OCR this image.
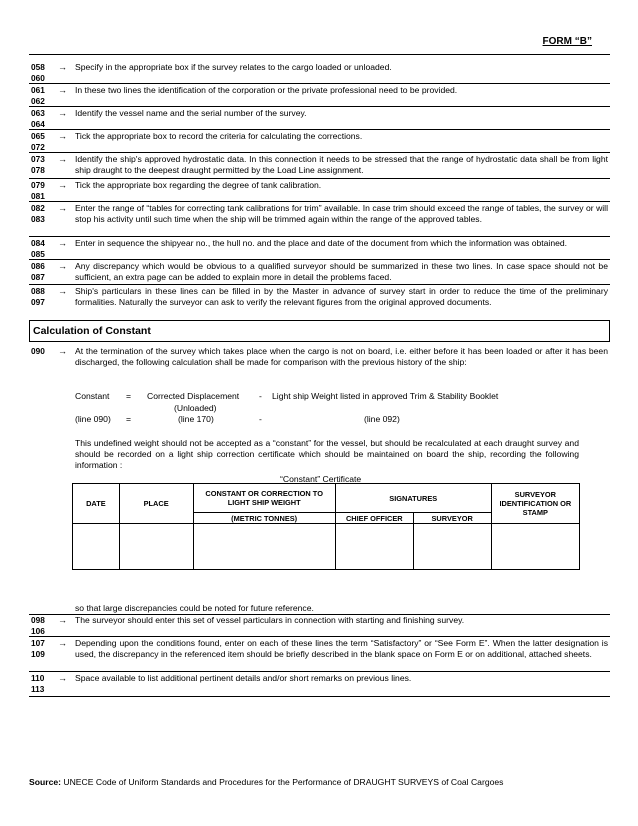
FORM “B”
058
060
→ Specify in the appropriate box if the survey relates to the cargo loaded or unloaded.
061
062
→ In these two lines the identification of the corporation or the private professional need to be provided.
063
064
→ Identify the vessel name and the serial number of the survey.
065
072
→ Tick the appropriate box to record the criteria for calculating the corrections.
073
078
→ Identify the ship's approved hydrostatic data. In this connection it needs to be stressed that the range of hydrostatic data shall be from light ship draught to the deepest draught permitted by the Load Line assignment.
079
081
→ Tick the appropriate box regarding the degree of tank calibration.
082
083
→ Enter the range of “tables for correcting tank calibrations for trim” available. In case trim should exceed the range of tables, the survey or will stop his activity until such time when the ship will be trimmed again within the range of the approved tables.
084
085
→ Enter in sequence the shipyear no., the hull no. and the place and date of the document from which the information was obtained.
086
087
→ Any discrepancy which would be obvious to a qualified surveyor should be summarized in these two lines. In case space should not be sufficient, an extra page can be added to explain more in detail the problems faced.
088
097
→ Ship's particulars in these lines can be filled in by the Master in advance of survey start in order to reduce the time of the preliminary formalities. Naturally the surveyor can ask to verify the relevant figures from the original approved documents.
Calculation of Constant
090 → At the termination of the survey which takes place when the cargo is not on board, i.e. either before it has been loaded or after it has been discharged, the following calculation shall be made for comparison with the previous history of the ship:
Constant = Corrected Displacement - Light ship Weight listed in approved Trim & Stability Booklet
(Unloaded)
(line 090) =	(line 170)	-	(line 092)
This undefined weight should not be accepted as a “constant” for the vessel, but should be recalculated at each draught survey and should be recorded on a light ship correction certificate which should be maintained on board the ship, recording the following information :
“Constant” Certificate
DATE	PLACE	CONSTANT OR CORRECTION TO LIGHT SHIP WEIGHT	SIGNATURES		SURVEYOR IDENTIFICATION OR STAMP
		(METRIC TONNES)	CHIEF OFFICER	SURVEYOR	

so that large discrepancies could be noted for future reference.
098
106
→ The surveyor should enter this set of vessel particulars in connection with starting and finishing survey.
107
109
→ Depending upon the conditions found, enter on each of these lines the term “Satisfactory” or “See Form E”. When the latter designation is used, the discrepancy in the referenced item should be briefly described in the blank space on Form E or on additional, attached sheets.
110
113
→ Space available to list additional pertinent details and/or short remarks on previous lines.
Source: UNECE Code of Uniform Standards and Procedures for the Performance of DRAUGHT SURVEYS of Coal Cargoes
